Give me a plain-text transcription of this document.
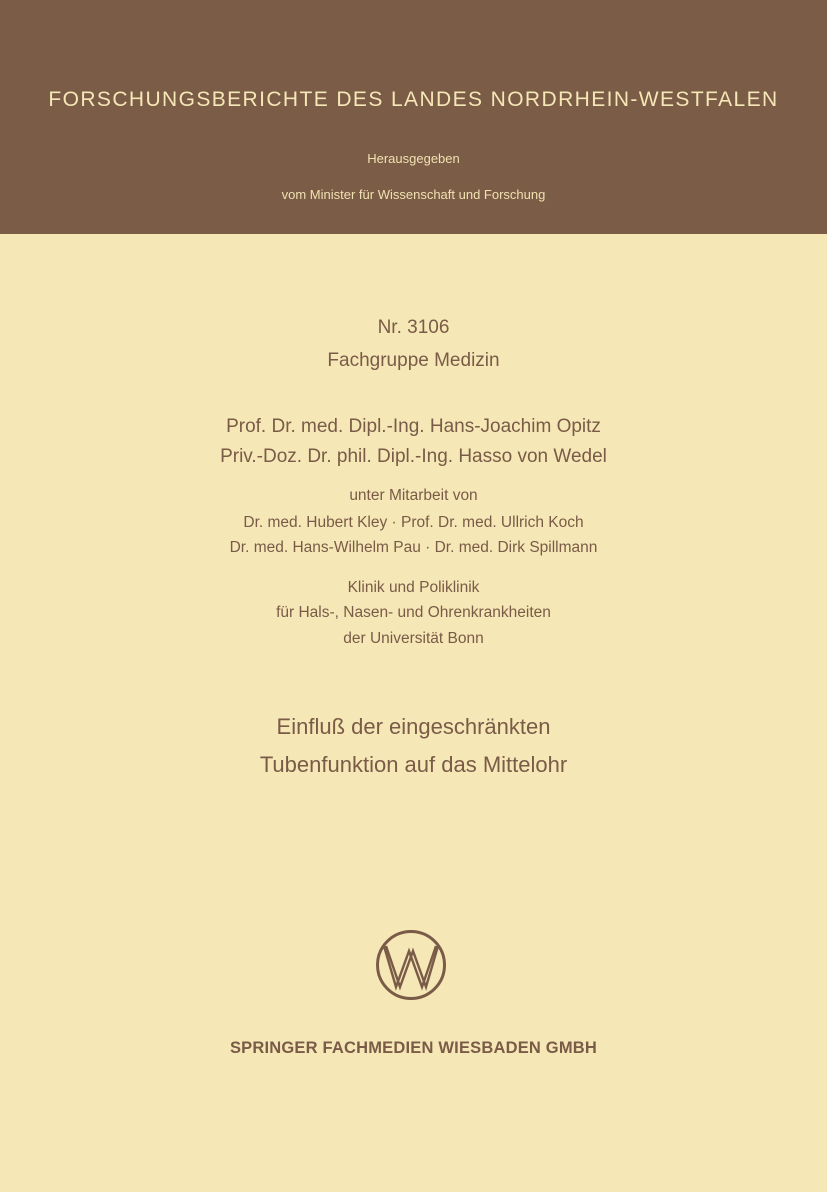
FORSCHUNGSBERICHTE DES LANDES NORDRHEIN-WESTFALEN
Herausgegeben
vom Minister für Wissenschaft und Forschung
Nr. 3106
Fachgruppe Medizin
Prof. Dr. med. Dipl.-Ing. Hans-Joachim Opitz
Priv.-Doz. Dr. phil. Dipl.-Ing. Hasso von Wedel
unter Mitarbeit von
Dr. med. Hubert Kley · Prof. Dr. med. Ullrich Koch
Dr. med. Hans-Wilhelm Pau · Dr. med. Dirk Spillmann
Klinik und Poliklinik
für Hals-, Nasen- und Ohrenkrankheiten
der Universität Bonn
Einfluß der eingeschränkten
Tubenfunktion auf das Mittelohr
SPRINGER FACHMEDIEN WIESBADEN GMBH
